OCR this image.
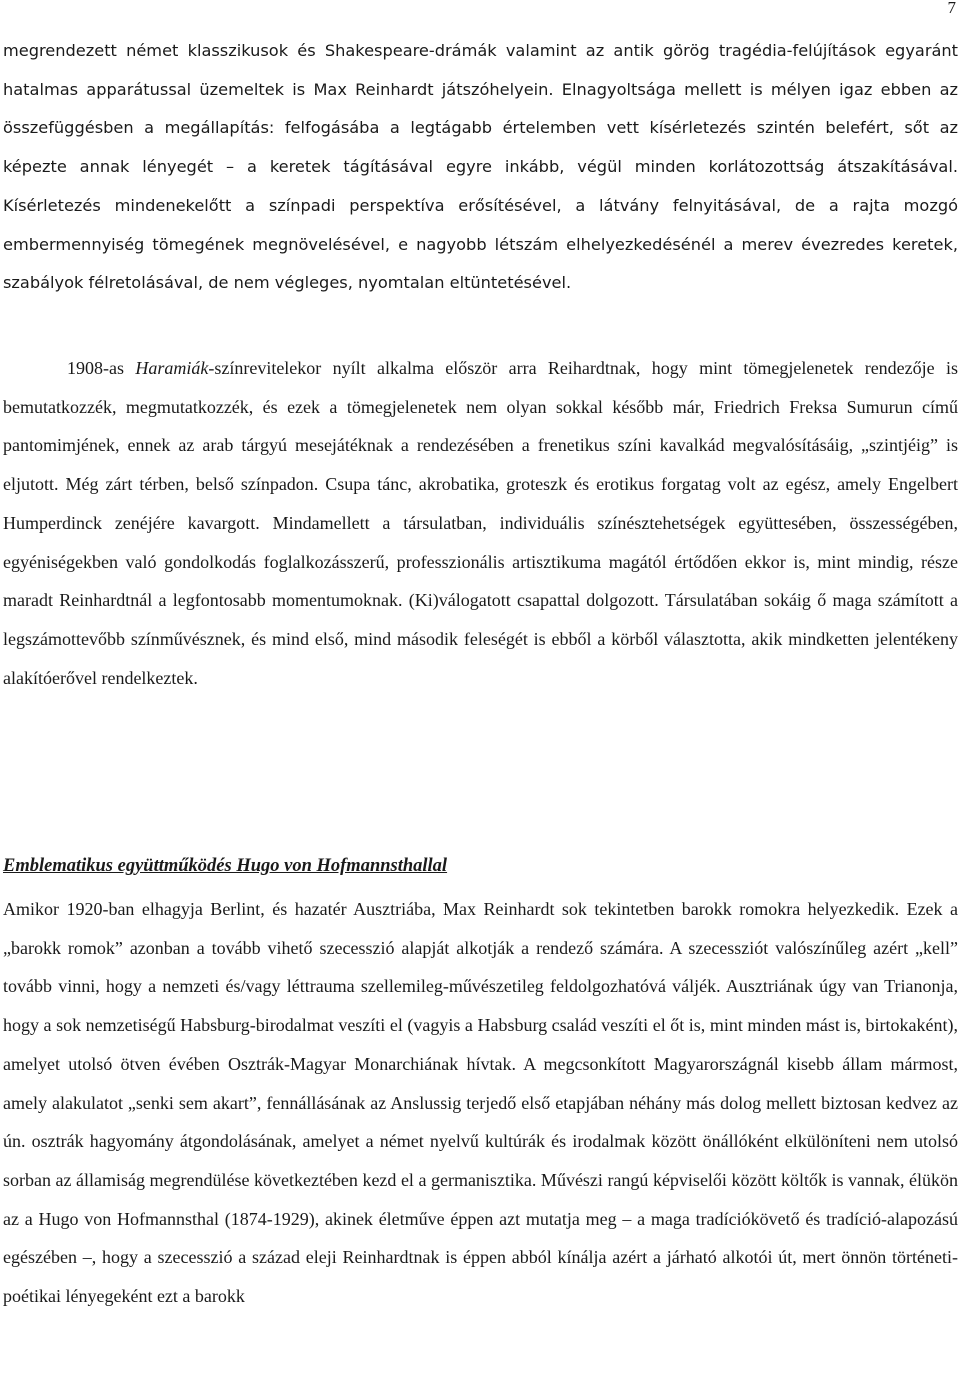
7

megrendezett német klasszikusok és Shakespeare-drámák valamint az antik görög tragédia-felújítások egyaránt hatalmas apparátussal üzemeltek is Max Reinhardt játszóhelyein. Elnagyoltsága mellett is mélyen igaz ebben az összefüggésben a megállapítás: felfogásába a legtágabb értelemben vett kísérletezés szintén belefért, sőt az képezte annak lényegét – a keretek tágításával egyre inkább, végül minden korlátozottság átszakításával. Kísérletezés mindenekelőtt a színpadi perspektíva erősítésével, a látvány felnyitásával, de a rajta mozgó embermennyiség tömegének megnövelésével, e nagyobb létszám elhelyezkedésénél a merev évezredes keretek, szabályok félretolásával, de nem végleges, nyomtalan eltüntetésével.

1908-as Haramiák-színrevitelekor nyílt alkalma először arra Reihardtnak, hogy mint tömegjelenetek rendezője is bemutatkozzék, megmutatkozzék, és ezek a tömegjelenetek nem olyan sokkal később már, Friedrich Freksa Sumurun című pantomimjének, ennek az arab tárgyú mesejátéknak a rendezésében a frenetikus színi kavalkád megvalósításáig, „szintjéig” is eljutott. Még zárt térben, belső színpadon. Csupa tánc, akrobatika, groteszk és erotikus forgatag volt az egész, amely Engelbert Humperdinck zenéjére kavargott. Mindamellett a társulatban, individuális színésztehetségek együttesében, összességében, egyéniségekben való gondolkodás foglalkozásszerű, professzionális artisztikuma magától értődően ekkor is, mint mindig, része maradt Reinhardtnál a legfontosabb momentumoknak. (Ki)válogatott csapattal dolgozott. Társulatában sokáig ő maga számított a legszámottevőbb színművésznek, és mind első, mind második feleségét is ebből a körből választotta, akik mindketten jelentékeny alakítóerővel rendelkeztek.

Emblematikus együttműködés Hugo von Hofmannsthallal

Amikor 1920-ban elhagyja Berlint, és hazatér Ausztriába, Max Reinhardt sok tekintetben barokk romokra helyezkedik. Ezek a „barokk romok” azonban a tovább vihető szecesszió alapját alkotják a rendező számára. A szecessziót valószínűleg azért „kell” tovább vinni, hogy a nemzeti és/vagy léttrauma szellemileg-művészetileg feldolgozhatóvá váljék. Ausztriának úgy van Trianonja, hogy a sok nemzetiségű Habsburg-birodalmat veszíti el (vagyis a Habsburg család veszíti el őt is, mint minden mást is, birtokaként), amelyet utolsó ötven évében Osztrák-Magyar Monarchiának hívtak. A megcsonkított Magyarországnál kisebb állam mármost, amely alakulatot „senki sem akart”, fennállásának az Anslussig terjedő első etapjában néhány más dolog mellett biztosan kedvez az ún. osztrák hagyomány átgondolásának, amelyet a német nyelvű kultúrák és irodalmak között önállóként elkülöníteni nem utolsó sorban az államiság megrendülése következtében kezd el a germanisztika. Művészi rangú képviselői között költők is vannak, élükön az a Hugo von Hofmannsthal (1874-1929), akinek életműve éppen azt mutatja meg – a maga tradíciókövető és tradíció-alapozású egészében –, hogy a szecesszió a század eleji Reinhardtnak is éppen abból kínálja azért a járható alkotói út, mert önnön történeti-poétikai lényegeként ezt a barokk
